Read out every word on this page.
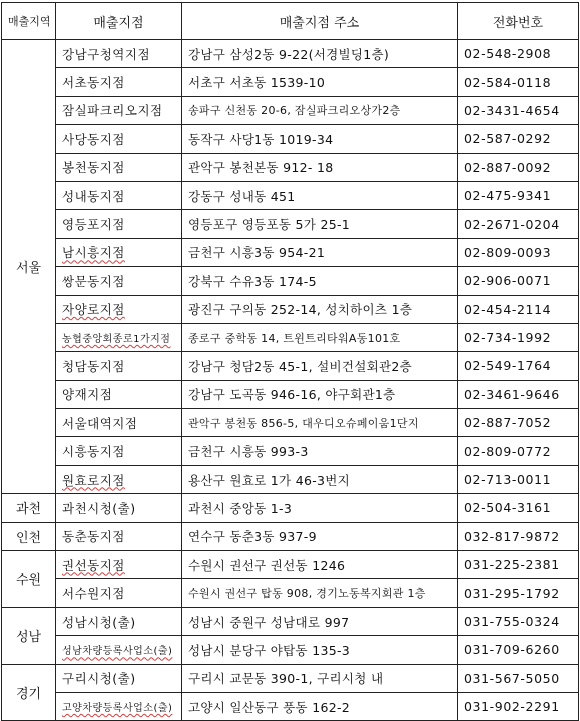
매출지역	매출지점	매출지점 주소	전화번호
서울	강남구청역지점	강남구 삼성2동 9-22(서경빌딩1층)	02-548-2908
	서초동지점	서초구 서초동 1539-10	02-584-0118
	잠실파크리오지점	송파구 신천동 20-6, 잠실파크리오상가2층	02-3431-4654
	사당동지점	동작구 사당1동 1019-34	02-587-0292
	봉천동지점	관악구 봉천본동 912- 18	02-887-0092
	성내동지점	강동구 성내동 451	02-475-9341
	영등포지점	영등포구 영등포동 5가 25-1	02-2671-0204
	남시흥지점	금천구 시흥3동 954-21	02-809-0093
	쌍문동지점	강북구 수유3동 174-5	02-906-0071
	자양로지점	광진구 구의동 252-14, 성치하이츠 1층	02-454-2114
	농협중앙회종로1가지점	종로구 중학동 14, 트윈트리타워A동101호	02-734-1992
	청담동지점	강남구 청담2동 45-1, 설비건설회관2층	02-549-1764
	양재지점	강남구 도곡동 946-16, 야구회관1층	02-3461-9646
	서울대역지점	관악구 봉천동 856-5, 대우디오슈페이움1단지	02-887-7052
	시흥동지점	금천구 시흥동 993-3	02-809-0772
	원효로지점	용산구 원효로 1가 46-3번지	02-713-0011
과천	과천시청(출)	과천시 중앙동 1-3	02-504-3161
인천	동춘동지점	연수구 동춘3동 937-9	032-817-9872
수원	권선동지점	수원시 권선구 권선동 1246	031-225-2381
	서수원지점	수원시 권선구 탑동 908, 경기노동복지회관 1층	031-295-1792
성남	성남시청(출)	성남시 중원구 성남대로 997	031-755-0324
	성남차량등록사업소(출)	성남시 분당구 야탑동 135-3	031-709-6260
경기	구리시청(출)	구리시 교문동 390-1, 구리시청 내	031-567-5050
	고양차량등록사업소(출)	고양시 일산동구 풍동 162-2	031-902-2291
